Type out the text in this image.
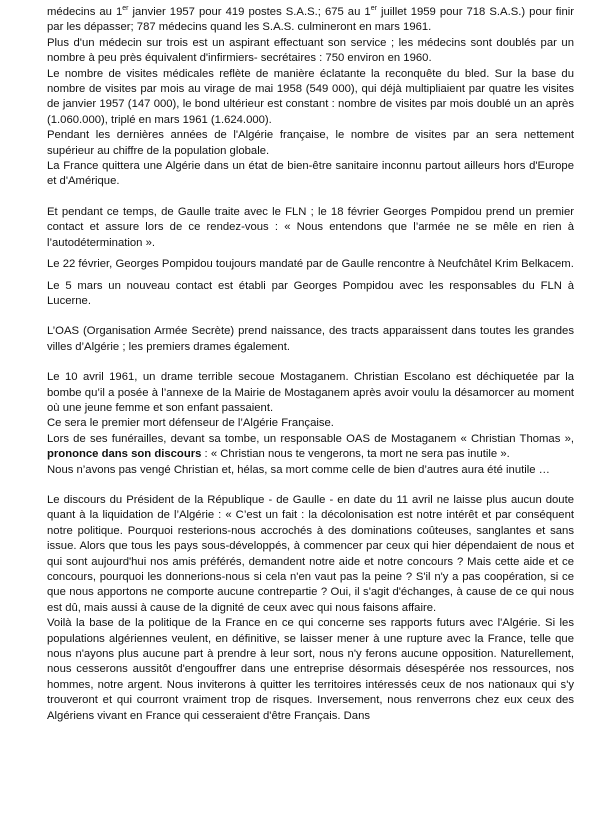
médecins au 1er janvier 1957 pour 419 postes S.A.S.; 675 au 1er juillet 1959 pour 718 S.A.S.) pour finir par les dépasser; 787 médecins quand les S.A.S. culmineront en mars 1961.

Plus d'un médecin sur trois est un aspirant effectuant son service ; les médecins sont doublés par un nombre à peu près équivalent d'infirmiers- secrétaires : 750 environ en 1960.

Le nombre de visites médicales reflète de manière éclatante la reconquête du bled. Sur la base du nombre de visites par mois au virage de mai 1958 (549 000), qui déjà multipliaient par quatre les visites de janvier 1957 (147 000), le bond ultérieur est constant : nombre de visites par mois doublé un an après (1.060.000), triplé en mars 1961 (1.624.000).

Pendant les dernières années de l'Algérie française, le nombre de visites par an sera nettement supérieur au chiffre de la population globale.

La France quittera une Algérie dans un état de bien-être sanitaire inconnu partout ailleurs hors d'Europe et d'Amérique.

Et pendant ce temps, de Gaulle traite avec le FLN ; le 18 février Georges Pompidou prend un premier contact et assure lors de ce rendez-vous : « Nous entendons que l’armée ne se mêle en rien à l’autodétermination ».

Le 22 février, Georges Pompidou toujours mandaté par de Gaulle rencontre à Neufchâtel Krim Belkacem.

Le 5 mars un nouveau contact est établi par Georges Pompidou avec les responsables du FLN à Lucerne.

L’OAS (Organisation Armée Secrète) prend naissance, des tracts apparaissent dans toutes les grandes villes d’Algérie ; les premiers drames également.

Le 10 avril 1961, un drame terrible secoue Mostaganem. Christian Escolano est déchiquetée par la bombe qu’il a posée à l’annexe de la Mairie de Mostaganem après avoir voulu la désamorcer au moment où une jeune femme et son enfant passaient.

Ce sera le premier mort défenseur de l’Algérie Française.

Lors de ses funérailles, devant sa tombe, un responsable OAS de Mostaganem « Christian Thomas », prononce dans son discours : « Christian nous te vengerons, ta mort ne sera pas inutile ».

Nous n’avons pas vengé Christian et, hélas, sa mort comme celle de bien d’autres aura été inutile …

Le discours du Président de la République - de Gaulle - en date du 11 avril ne laisse plus aucun doute quant à la liquidation de l’Algérie : « C’est un fait : la décolonisation est notre intérêt et par conséquent notre politique. Pourquoi resterions-nous accrochés à des dominations coûteuses, sanglantes et sans issue. Alors que tous les pays sous-développés, à commencer par ceux qui hier dépendaient de nous et qui sont aujourd'hui nos amis préférés, demandent notre aide et notre concours ? Mais cette aide et ce concours, pourquoi les donnerions-nous si cela n'en vaut pas la peine ? S'il n'y a pas coopération, si ce que nous apportons ne comporte aucune contrepartie ? Oui, il s'agit d'échanges, à cause de ce qui nous est dû, mais aussi à cause de la dignité de ceux avec qui nous faisons affaire.

Voilà la base de la politique de la France en ce qui concerne ses rapports futurs avec l'Algérie. Si les populations algériennes veulent, en définitive, se laisser mener à une rupture avec la France, telle que nous n'ayons plus aucune part à prendre à leur sort, nous n'y ferons aucune opposition. Naturellement, nous cesserons aussitôt d'engouffrer dans une entreprise désormais désespérée nos ressources, nos hommes, notre argent. Nous inviterons à quitter les territoires intéressés ceux de nos nationaux qui s'y trouveront et qui courront vraiment trop de risques. Inversement, nous renverrons chez eux ceux des Algériens vivant en France qui cesseraient d'être Français. Dans
